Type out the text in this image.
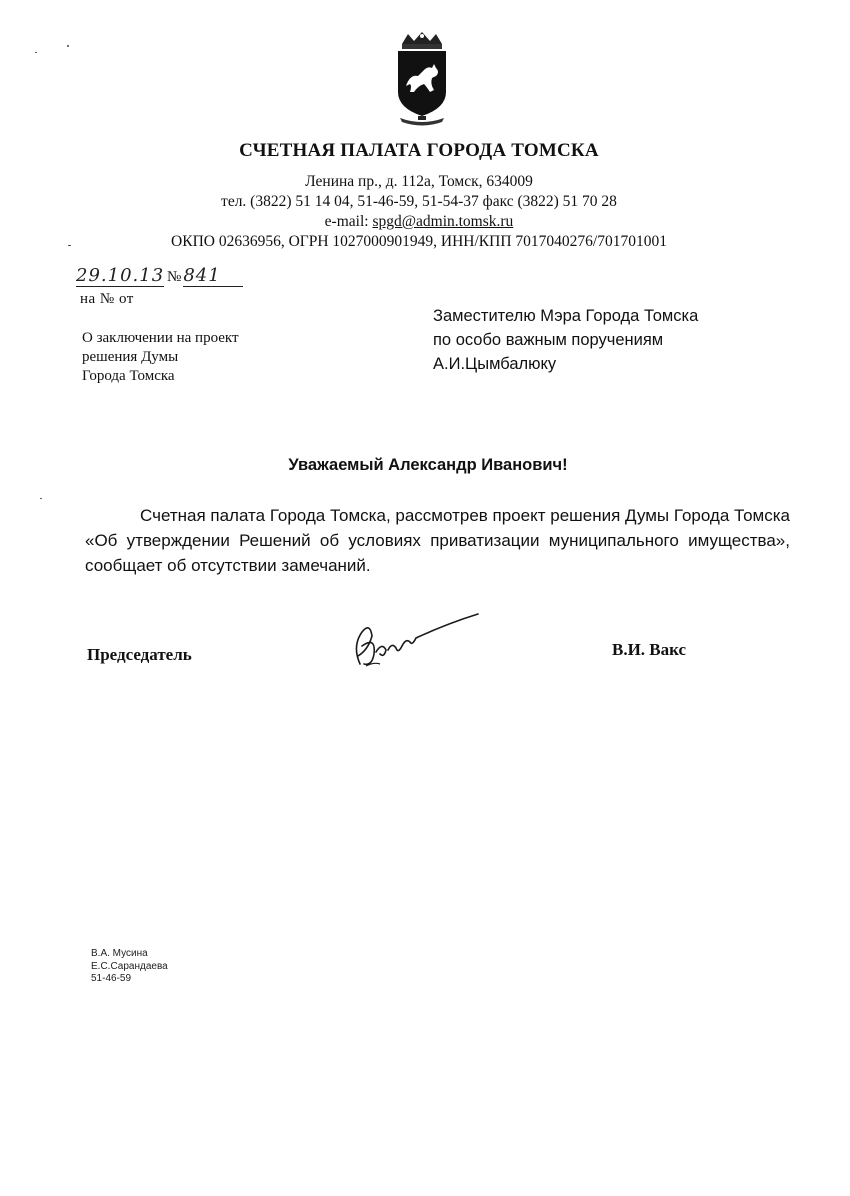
СЧЕТНАЯ ПАЛАТА ГОРОДА ТОМСКА
Ленина пр., д. 112а, Томск, 634009
тел. (3822) 51 14 04, 51-46-59, 51-54-37 факс (3822) 51 70 28
e-mail: spgd@admin.tomsk.ru
ОКПО 02636956, ОГРН 1027000901949, ИНН/КПП 7017040276/701701001
29.10.13 № 841
на № от
О заключении на проект
решения Думы
Города Томска
Заместителю Мэра Города Томска
по особо важным поручениям
А.И.Цымбалюку
Уважаемый Александр Иванович!
Счетная палата Города Томска, рассмотрев проект решения Думы Города Томска «Об утверждении Решений об условиях приватизации муниципального имущества», сообщает об отсутствии замечаний.
Председатель	В.И. Вакс
В.А. Мусина
Е.С.Сарандаева
51-46-59
